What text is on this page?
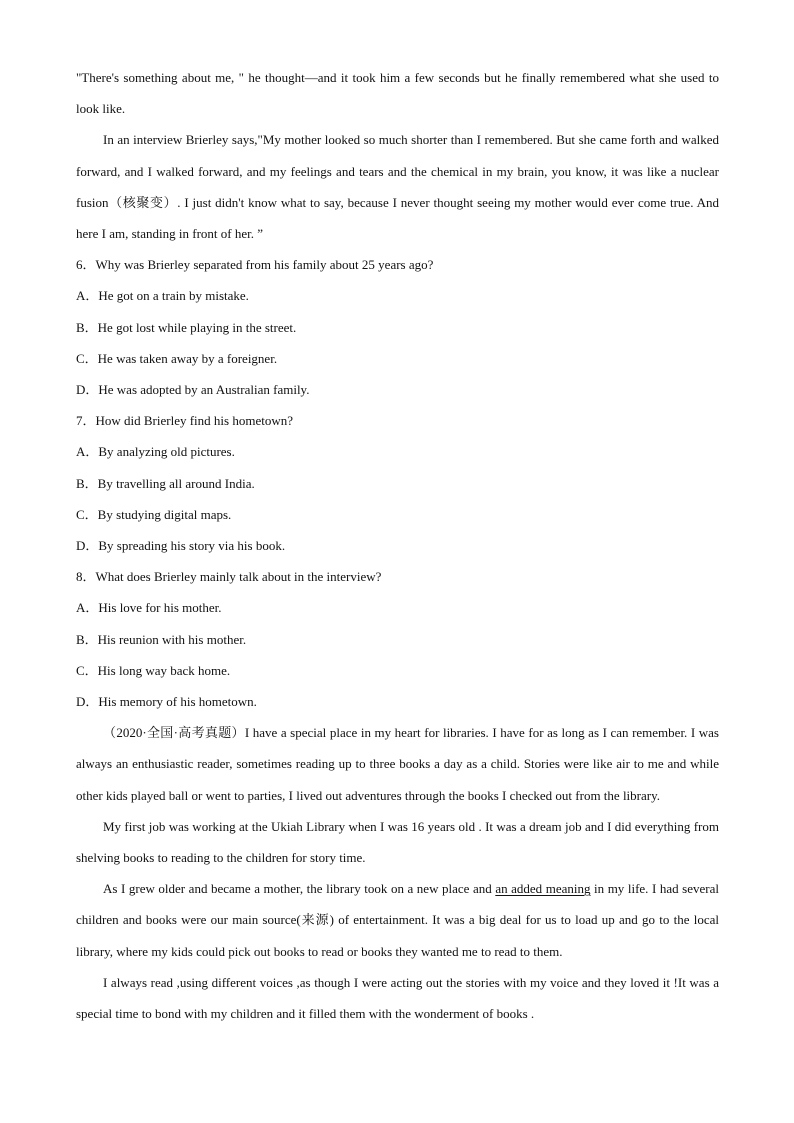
"There's something about me, " he thought—and it took him a few seconds but he finally remembered what she used to look like.

In an interview Brierley says,"My mother looked so much shorter than I remembered. But she came forth and walked forward, and I walked forward, and my feelings and tears and the chemical in my brain, you know, it was like a nuclear fusion（核聚变）. I just didn't know what to say, because I never thought seeing my mother would ever come true. And here I am, standing in front of her. ”

6．Why was Brierley separated from his family about 25 years ago?

A．He got on a train by mistake.

B．He got lost while playing in the street.

C．He was taken away by a foreigner.

D．He was adopted by an Australian family.

7．How did Brierley find his hometown?

A．By analyzing old pictures.

B．By travelling all around India.

C．By studying digital maps.

D．By spreading his story via his book.

8．What does Brierley mainly talk about in the interview?

A．His love for his mother.

B．His reunion with his mother.

C．His long way back home.

D．His memory of his hometown.

（2020·全国·高考真题）I have a special place in my heart for libraries. I have for as long as I can remember. I was always an enthusiastic reader, sometimes reading up to three books a day as a child. Stories were like air to me and while other kids played ball or went to parties, I lived out adventures through the books I checked out from the library.

My first job was working at the Ukiah Library when I was 16 years old . It was a dream job and I did everything from shelving books to reading to the children for story time.

As I grew older and became a mother, the library took on a new place and an added meaning in my life. I had several children and books were our main source(来源) of entertainment. It was a big deal for us to load up and go to the local library, where my kids could pick out books to read or books they wanted me to read to them.

I always read ,using different voices ,as though I were acting out the stories with my voice and they loved it !It was a special time to bond with my children and it filled them with the wonderment of books .
